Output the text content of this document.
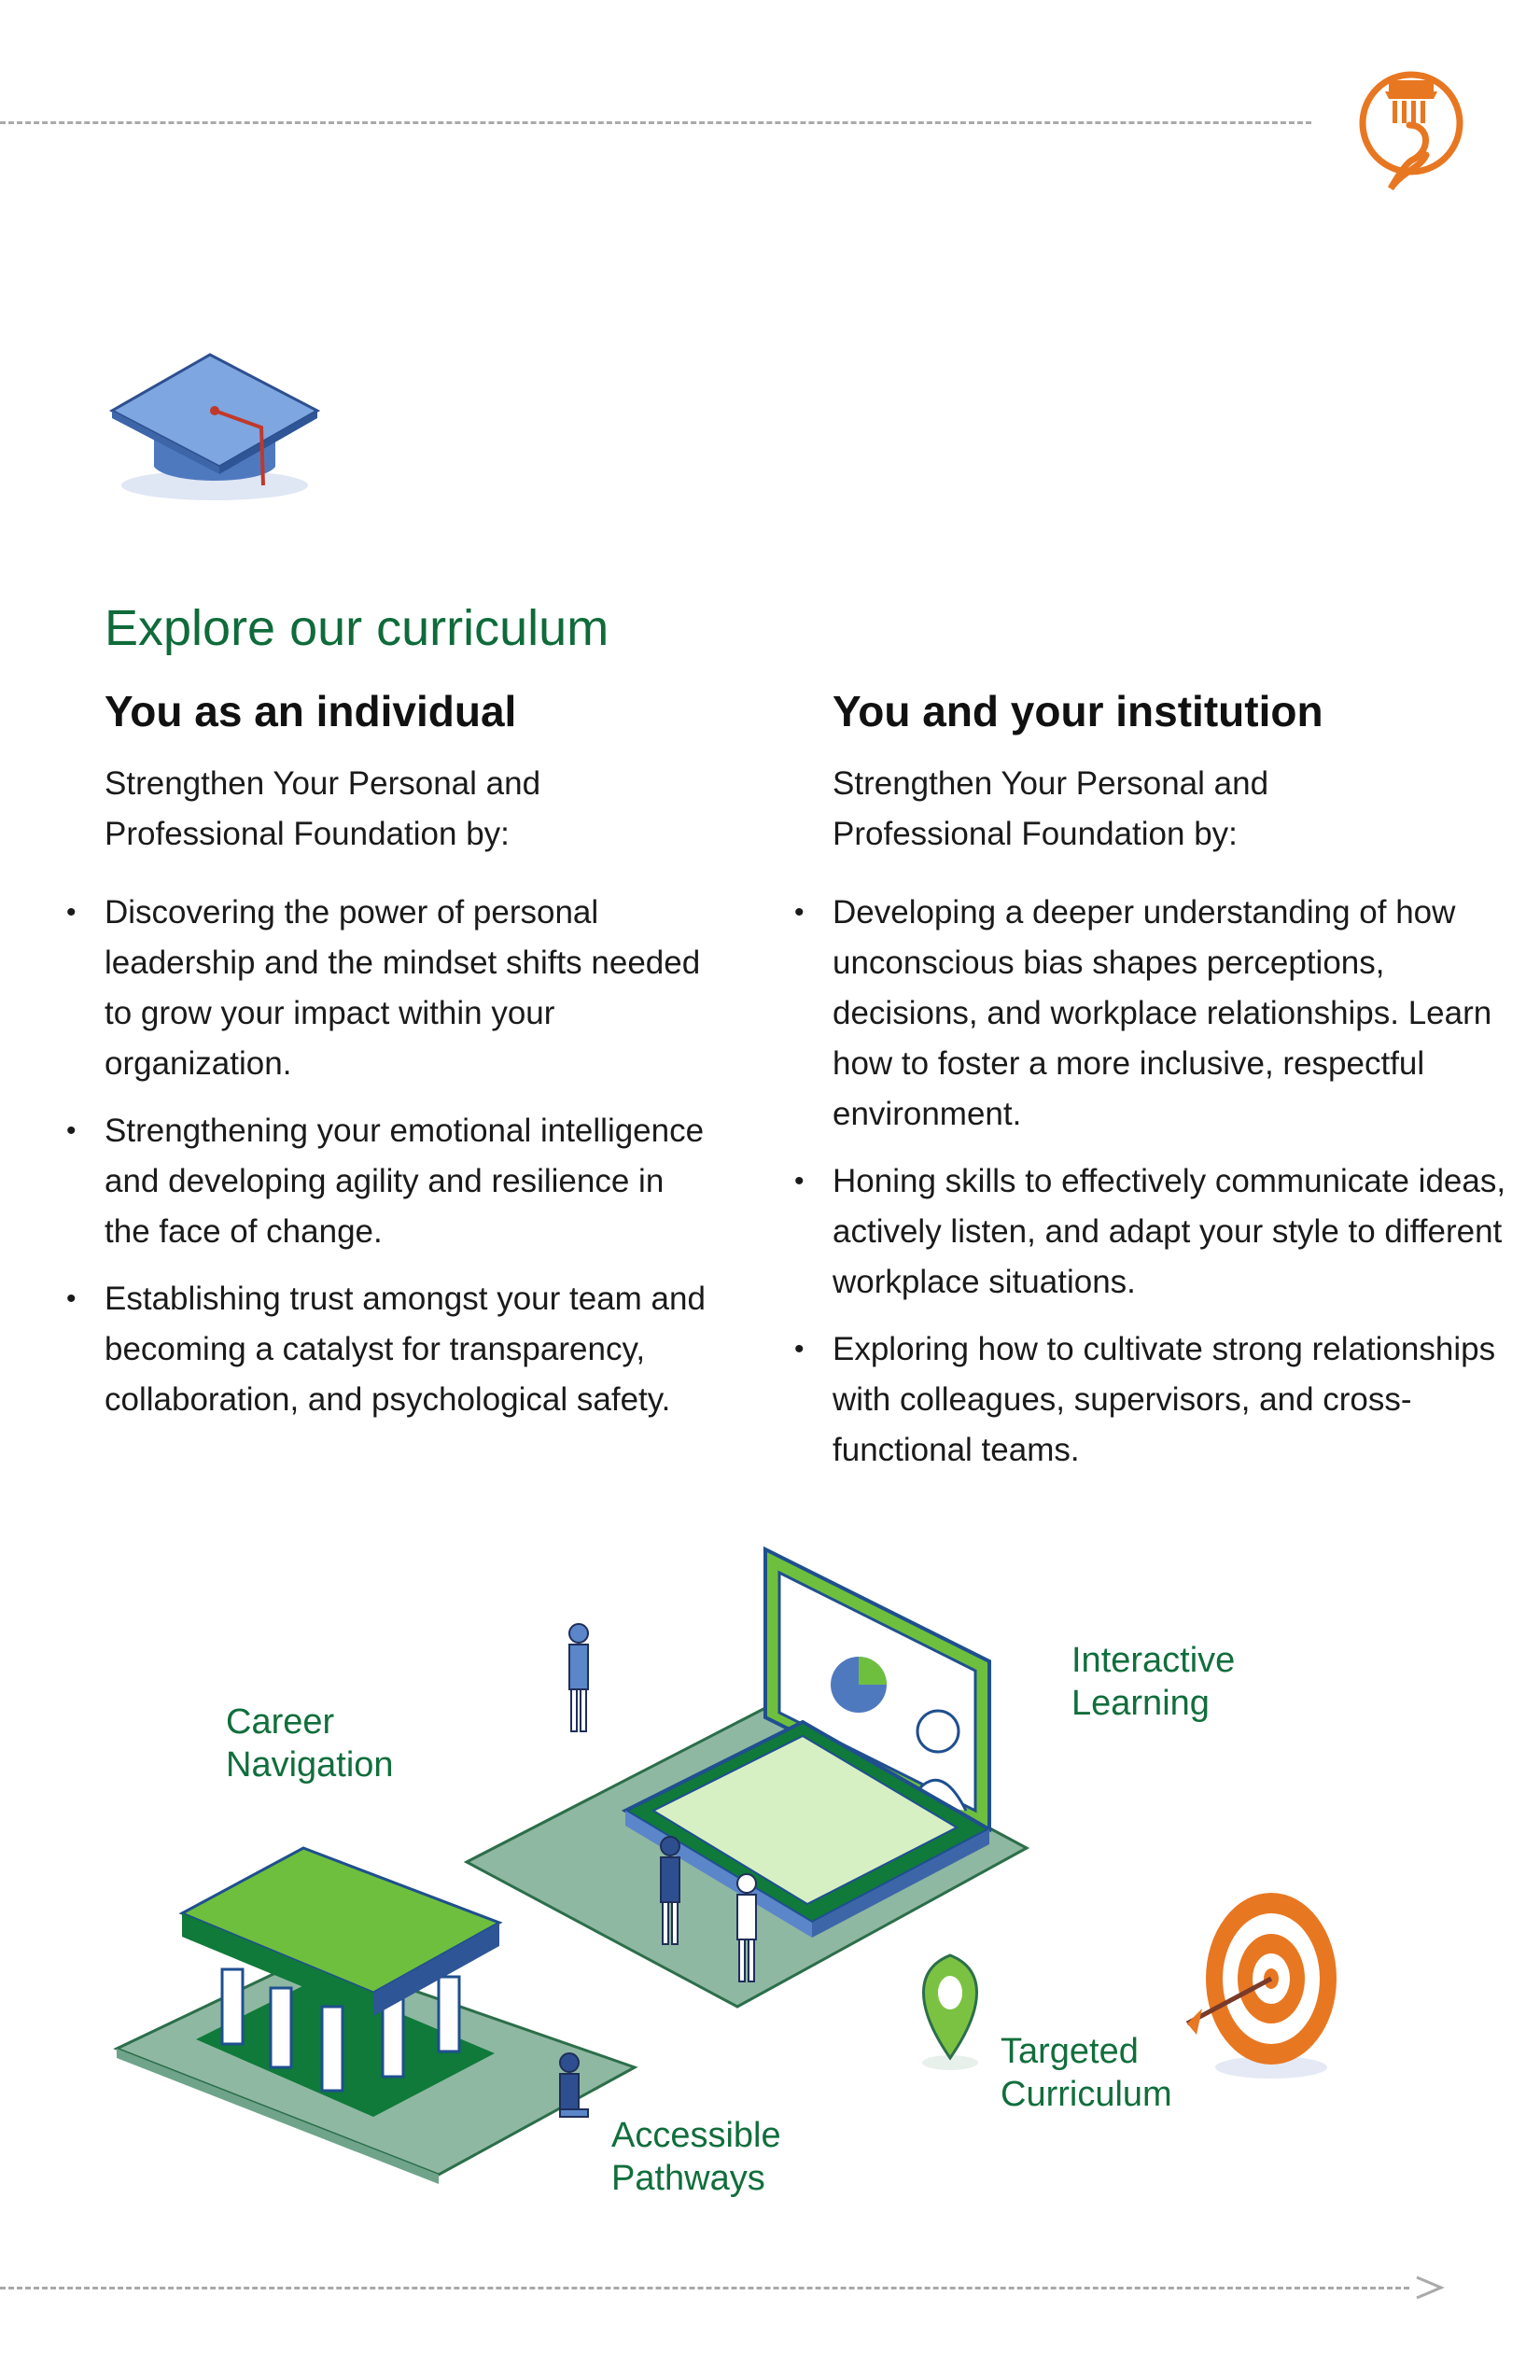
Explore our curriculum
You as an individual

Strengthen Your Personal and
Professional Foundation by:

• Discovering the power of personal leadership and the mindset shifts needed to grow your impact within your organization.
• Strengthening your emotional intelligence and developing agility and resilience in the face of change.
• Establishing trust amongst your team and becoming a catalyst for transparency, collaboration, and psychological safety.
You and your institution

Strengthen Your Personal and
Professional Foundation by:

• Developing a deeper understanding of how unconscious bias shapes perceptions, decisions, and workplace relationships. Learn how to foster a more inclusive, respectful environment.
• Honing skills to effectively communicate ideas, actively listen, and adapt your style to different workplace situations.
• Exploring how to cultivate strong relationships with colleagues, supervisors, and cross-functional teams.
Career
Navigation
Interactive
Learning
Targeted
Curriculum
Accessible
Pathways
